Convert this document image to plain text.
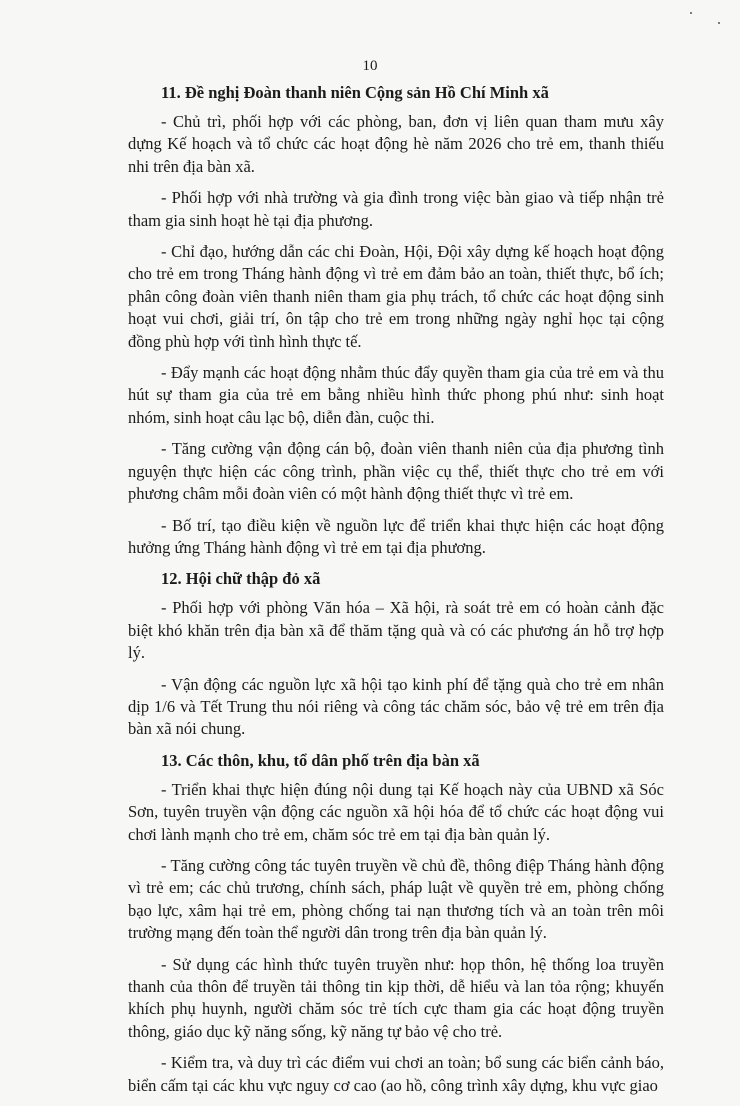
10
11. Đề nghị Đoàn thanh niên Cộng sản Hồ Chí Minh xã

- Chủ trì, phối hợp với các phòng, ban, đơn vị liên quan tham mưu xây dựng Kế hoạch và tổ chức các hoạt động hè năm 2026 cho trẻ em, thanh thiếu nhi trên địa bàn xã.

- Phối hợp với nhà trường và gia đình trong việc bàn giao và tiếp nhận trẻ tham gia sinh hoạt hè tại địa phương.

- Chỉ đạo, hướng dẫn các chi Đoàn, Hội, Đội xây dựng kế hoạch hoạt động cho trẻ em trong Tháng hành động vì trẻ em đảm bảo an toàn, thiết thực, bổ ích; phân công đoàn viên thanh niên tham gia phụ trách, tổ chức các hoạt động sinh hoạt vui chơi, giải trí, ôn tập cho trẻ em trong những ngày nghỉ học tại cộng đồng phù hợp với tình hình thực tế.

- Đẩy mạnh các hoạt động nhằm thúc đẩy quyền tham gia của trẻ em và thu hút sự tham gia của trẻ em bằng nhiều hình thức phong phú như: sinh hoạt nhóm, sinh hoạt câu lạc bộ, diễn đàn, cuộc thi.

- Tăng cường vận động cán bộ, đoàn viên thanh niên của địa phương tình nguyện thực hiện các công trình, phần việc cụ thể, thiết thực cho trẻ em với phương châm mỗi đoàn viên có một hành động thiết thực vì trẻ em.

- Bố trí, tạo điều kiện về nguồn lực để triển khai thực hiện các hoạt động hưởng ứng Tháng hành động vì trẻ em tại địa phương.

12. Hội chữ thập đỏ xã

- Phối hợp với phòng Văn hóa – Xã hội, rà soát trẻ em có hoàn cảnh đặc biệt khó khăn trên địa bàn xã để thăm tặng quà và có các phương án hỗ trợ hợp lý.

- Vận động các nguồn lực xã hội tạo kinh phí để tặng quà cho trẻ em nhân dịp 1/6 và Tết Trung thu nói riêng và công tác chăm sóc, bảo vệ trẻ em trên địa bàn xã nói chung.

13. Các thôn, khu, tổ dân phố trên địa bàn xã

- Triển khai thực hiện đúng nội dung tại Kế hoạch này của UBND xã Sóc Sơn, tuyên truyền vận động các nguồn xã hội hóa để tổ chức các hoạt động vui chơi lành mạnh cho trẻ em, chăm sóc trẻ em tại địa bàn quản lý.

- Tăng cường công tác tuyên truyền về chủ đề, thông điệp Tháng hành động vì trẻ em; các chủ trương, chính sách, pháp luật về quyền trẻ em, phòng chống bạo lực, xâm hại trẻ em, phòng chống tai nạn thương tích và an toàn trên môi trường mạng đến toàn thể người dân trong trên địa bàn quản lý.

- Sử dụng các hình thức tuyên truyền như: họp thôn, hệ thống loa truyền thanh của thôn để truyền tải thông tin kịp thời, dễ hiểu và lan tỏa rộng; khuyến khích phụ huynh, người chăm sóc trẻ tích cực tham gia các hoạt động truyền thông, giáo dục kỹ năng sống, kỹ năng tự bảo vệ cho trẻ.

- Kiểm tra, và duy trì các điểm vui chơi an toàn; bổ sung các biển cảnh báo, biển cấm tại các khu vực nguy cơ cao (ao hồ, công trình xây dựng, khu vực giao
